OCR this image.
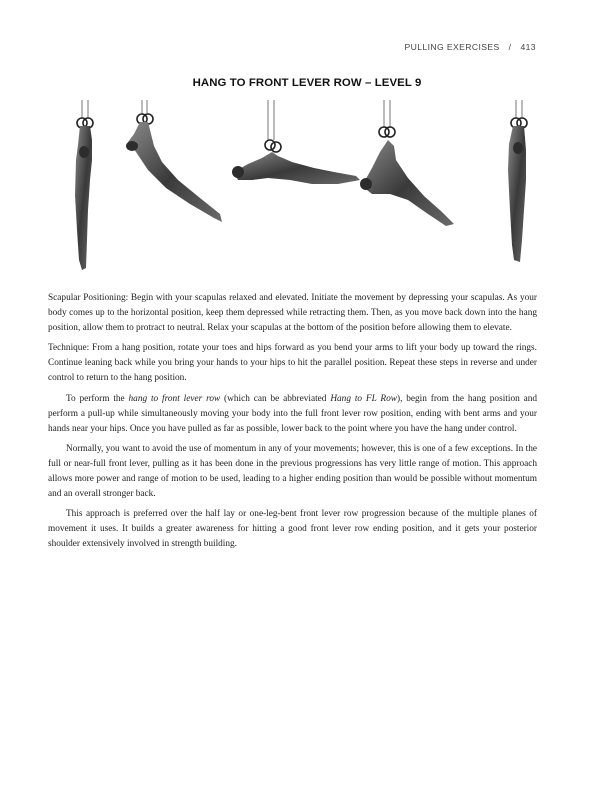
PULLING EXERCISES / 413
HANG TO FRONT LEVER ROW – LEVEL 9

Scapular Positioning: Begin with your scapulas relaxed and elevated. Initiate the movement by depressing your scapulas. As your body comes up to the horizontal position, keep them depressed while retracting them. Then, as you move back down into the hang position, allow them to protract to neutral. Relax your scapulas at the bottom of the position before allowing them to elevate.

Technique: From a hang position, rotate your toes and hips forward as you bend your arms to lift your body up toward the rings. Continue leaning back while you bring your hands to your hips to hit the parallel position. Repeat these steps in reverse and under control to return to the hang position.

To perform the hang to front lever row (which can be abbreviated Hang to FL Row), begin from the hang position and perform a pull-up while simultaneously moving your body into the full front lever row position, ending with bent arms and your hands near your hips. Once you have pulled as far as possible, lower back to the point where you have the hang under control.

Normally, you want to avoid the use of momentum in any of your movements; however, this is one of a few exceptions. In the full or near-full front lever, pulling as it has been done in the previous progressions has very little range of motion. This approach allows more power and range of motion to be used, leading to a higher ending position than would be possible without momentum and an overall stronger back.

This approach is preferred over the half lay or one-leg-bent front lever row progression because of the multiple planes of movement it uses. It builds a greater awareness for hitting a good front lever row ending position, and it gets your posterior shoulder extensively involved in strength building.
